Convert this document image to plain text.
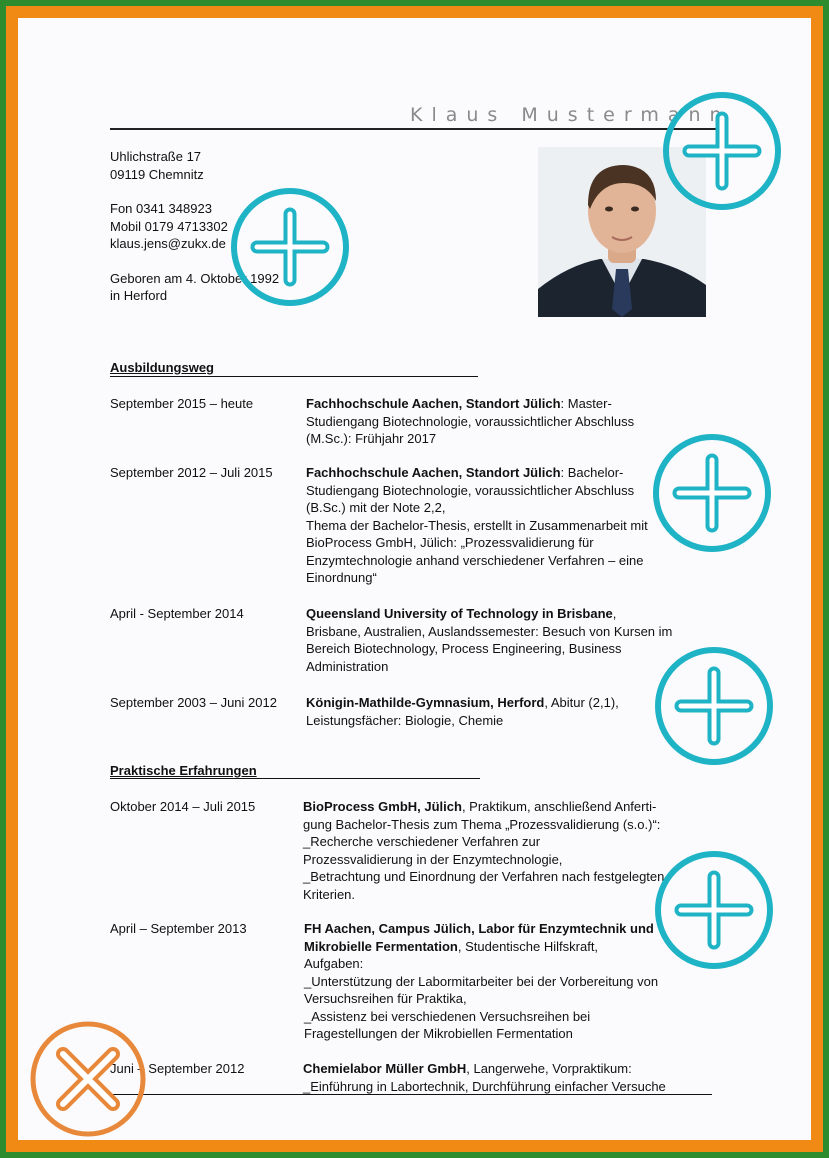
Klaus Mustermann
Uhlichstraße 17
09119 Chemnitz
Fon 0341 348923
Mobil 0179 4713302
klaus.jens@zukx.de
Geboren am 4. Oktober 1992
in Herford
Ausbildungsweg
September 2015 – heute	Fachhochschule Aachen, Standort Jülich: Master-
Studiengang Biotechnologie, voraussichtlicher Abschluss
(M.Sc.): Frühjahr 2017
September 2012 – Juli 2015	Fachhochschule Aachen, Standort Jülich: Bachelor-
Studiengang Biotechnologie, voraussichtlicher Abschluss
(B.Sc.) mit der Note 2,2,
Thema der Bachelor-Thesis, erstellt in Zusammenarbeit mit
BioProcess GmbH, Jülich: „Prozessvalidierung für
Enzymtechnologie anhand verschiedener Verfahren – eine
Einordnung“
April - September 2014	Queensland University of Technology in Brisbane,
Brisbane, Australien, Auslandssemester: Besuch von Kursen im
Bereich Biotechnology, Process Engineering, Business
Administration
September 2003 – Juni 2012 Königin-Mathilde-Gymnasium, Herford, Abitur (2,1),
Leistungsfächer: Biologie, Chemie
Praktische Erfahrungen
Oktober 2014 – Juli 2015	BioProcess GmbH, Jülich, Praktikum, anschließend Anferti-
gung Bachelor-Thesis zum Thema „Prozessvalidierung (s.o.)“:
_Recherche verschiedener Verfahren zur
Prozessvalidierung in der Enzymtechnologie,
_Betrachtung und Einordnung der Verfahren nach festgelegten
Kriterien.
April – September 2013	FH Aachen, Campus Jülich, Labor für Enzymtechnik und
Mikrobielle Fermentation, Studentische Hilfskraft,
Aufgaben:
_Unterstützung der Labormitarbeiter bei der Vorbereitung von
Versuchsreihen für Praktika,
_Assistenz bei verschiedenen Versuchsreihen bei
Fragestellungen der Mikrobiellen Fermentation
Juni – September 2012	Chemielabor Müller GmbH, Langerwehe, Vorpraktikum:
_Einführung in Labortechnik, Durchführung einfacher Versuche
